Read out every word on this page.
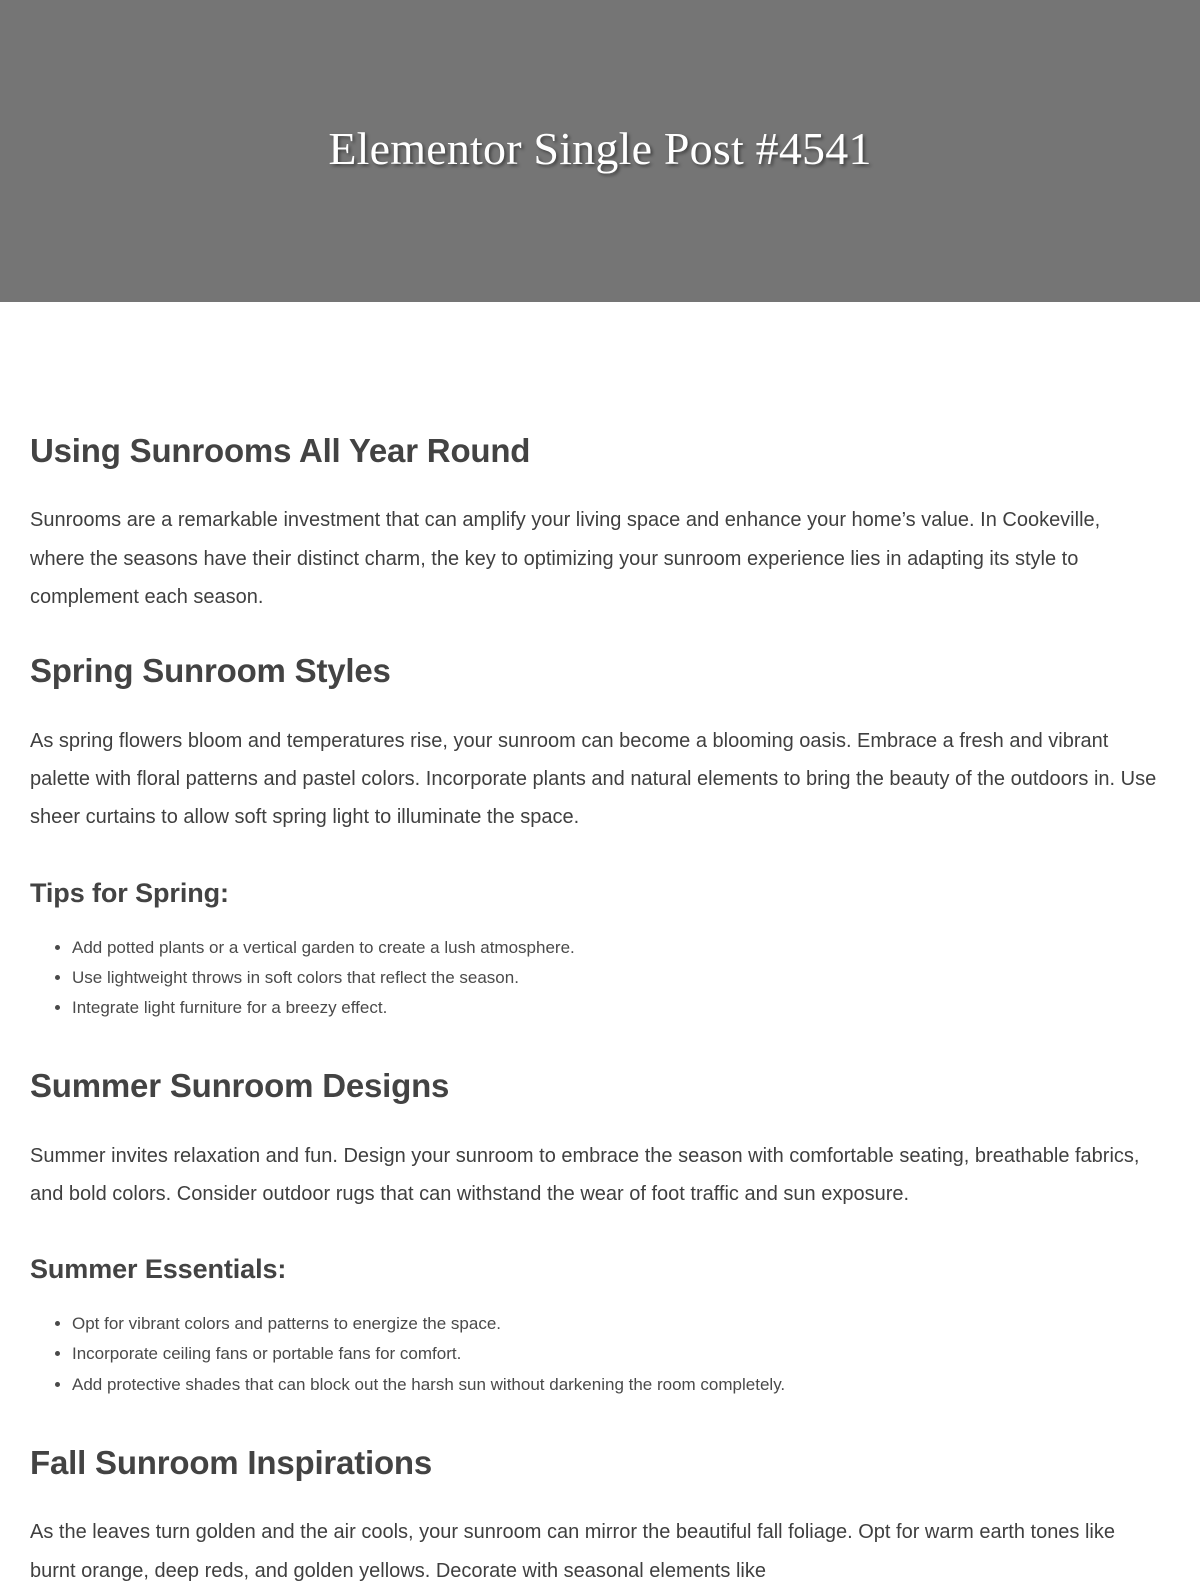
Elementor Single Post #4541
Using Sunrooms All Year Round

Sunrooms are a remarkable investment that can amplify your living space and enhance your home’s value. In Cookeville, where the seasons have their distinct charm, the key to optimizing your sunroom experience lies in adapting its style to complement each season.

Spring Sunroom Styles

As spring flowers bloom and temperatures rise, your sunroom can become a blooming oasis. Embrace a fresh and vibrant palette with floral patterns and pastel colors. Incorporate plants and natural elements to bring the beauty of the outdoors in. Use sheer curtains to allow soft spring light to illuminate the space.

Tips for Spring:
• Add potted plants or a vertical garden to create a lush atmosphere.
• Use lightweight throws in soft colors that reflect the season.
• Integrate light furniture for a breezy effect.
Summer Sunroom Designs

Summer invites relaxation and fun. Design your sunroom to embrace the season with comfortable seating, breathable fabrics, and bold colors. Consider outdoor rugs that can withstand the wear of foot traffic and sun exposure.

Summer Essentials:
• Opt for vibrant colors and patterns to energize the space.
• Incorporate ceiling fans or portable fans for comfort.
• Add protective shades that can block out the harsh sun without darkening the room completely.
Fall Sunroom Inspirations

As the leaves turn golden and the air cools, your sunroom can mirror the beautiful fall foliage. Opt for warm earth tones like burnt orange, deep reds, and golden yellows. Decorate with seasonal elements like
